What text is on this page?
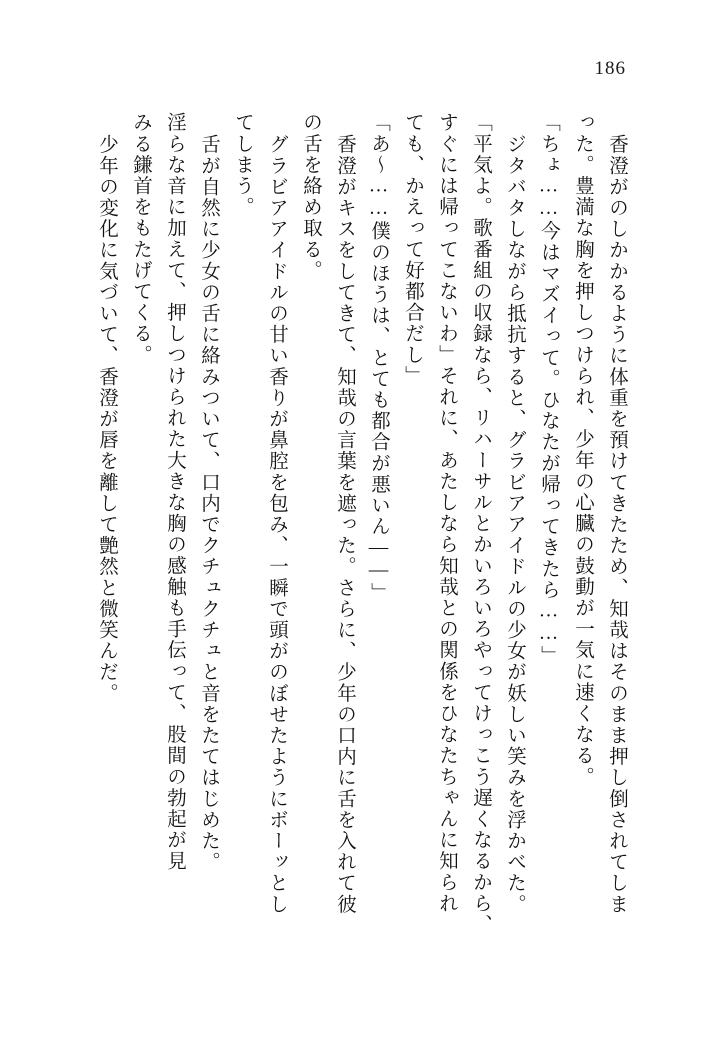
186
香澄がのしかかるように体重を預けてきたため、知哉はそのまま押し倒されてしま
った。豊満な胸を押しつけられ、少年の心臓の鼓動が一気に速くなる。
「ちょ……今はマズイって。ひなたが帰ってきたら……」
ジタバタしながら抵抗すると、グラビアアイドルの少女が妖しい笑みを浮かべた。
「平気よ。歌番組の収録なら、リハーサルとかいろいろやってけっこう遅くなるから、
すぐには帰ってこないわ」それに、あたしなら知哉との関係をひなたちゃんに知られ
ても、かえって好都合だし」
「あ～……僕のほうは、とても都合が悪いん――」
香澄がキスをしてきて、知哉の言葉を遮った。さらに、少年の口内に舌を入れて彼
の舌を絡め取る。
グラビアアイドルの甘い香りが鼻腔を包み、一瞬で頭がのぼせたようにボーッとし
てしまう。
舌が自然に少女の舌に絡みついて、口内でクチュクチュと音をたてはじめた。
淫らな音に加えて、押しつけられた大きな胸の感触も手伝って、股間の勃起が見
みる鎌首をもたげてくる。
少年の変化に気づいて、香澄が唇を離して艶然と微笑んだ。
